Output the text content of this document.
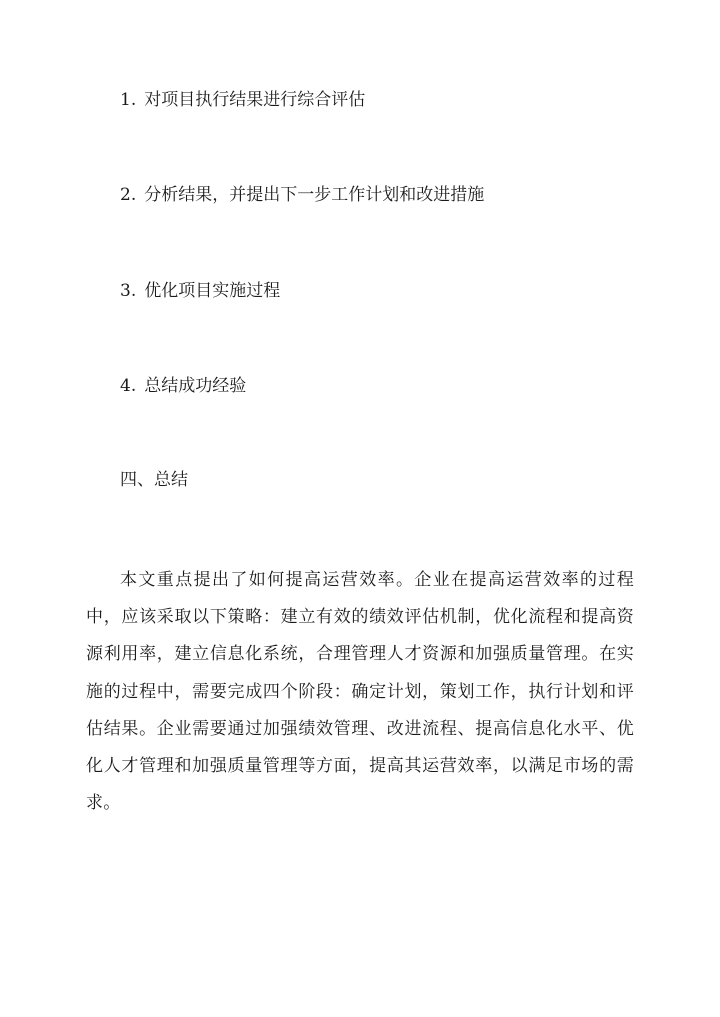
1. 对项目执行结果进行综合评估
2. 分析结果，并提出下一步工作计划和改进措施
3. 优化项目实施过程
4. 总结成功经验
四、总结
本文重点提出了如何提高运营效率。企业在提高运营效率的过程中，应该采取以下策略：建立有效的绩效评估机制，优化流程和提高资源利用率，建立信息化系统，合理管理人才资源和加强质量管理。在实施的过程中，需要完成四个阶段：确定计划，策划工作，执行计划和评估结果。企业需要通过加强绩效管理、改进流程、提高信息化水平、优化人才管理和加强质量管理等方面，提高其运营效率，以满足市场的需求。
